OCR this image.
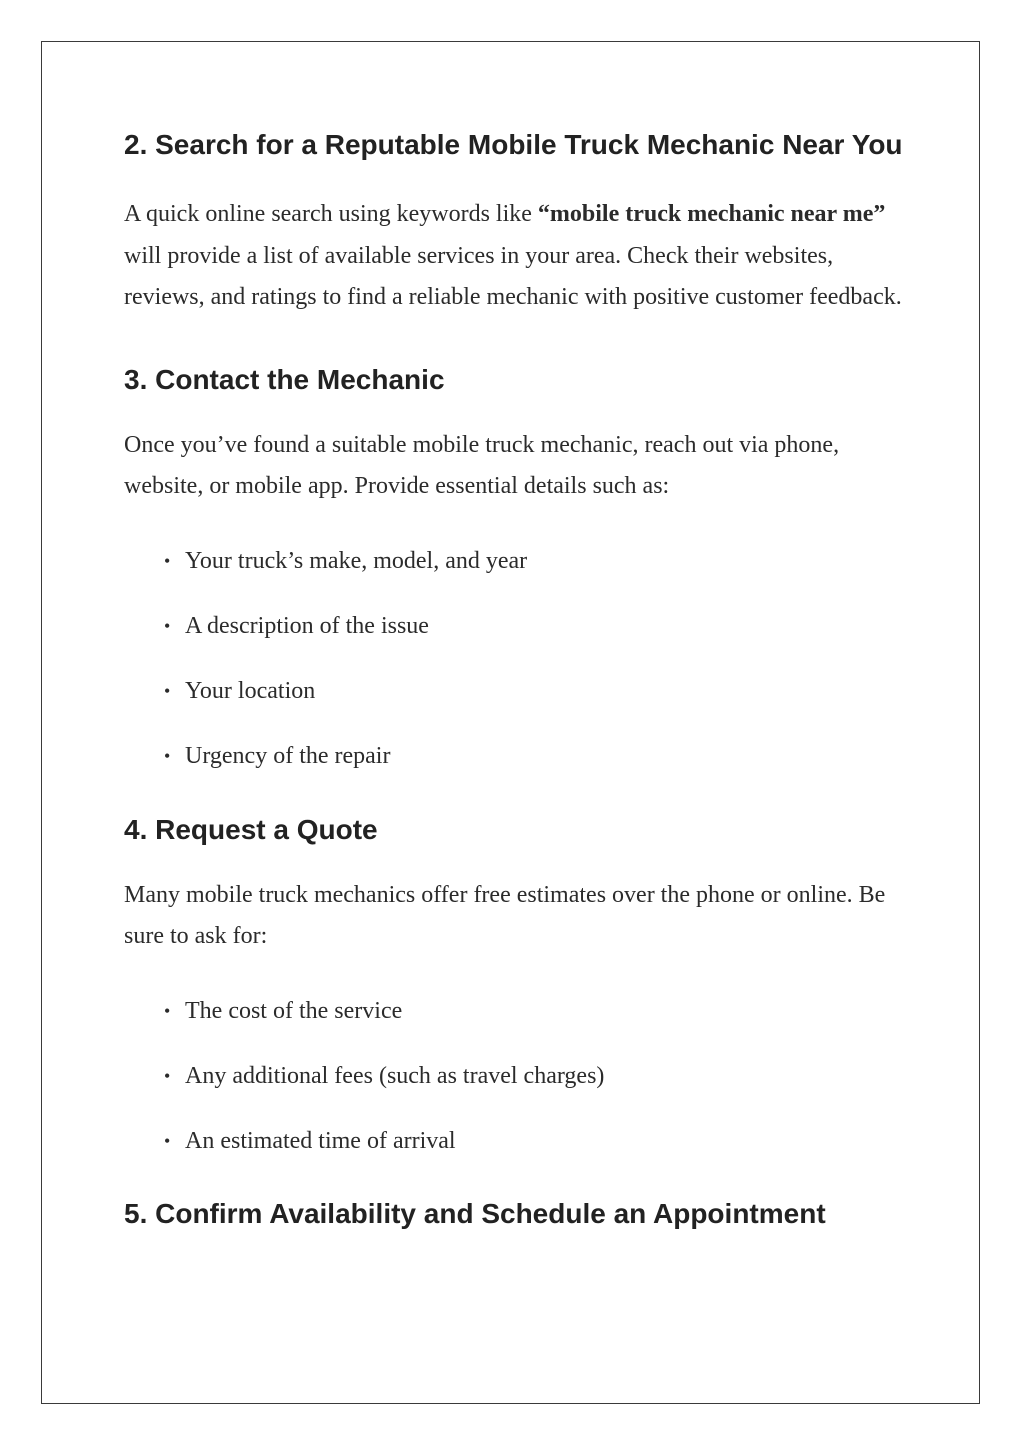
2. Search for a Reputable Mobile Truck Mechanic Near You

A quick online search using keywords like “mobile truck mechanic near me” will provide a list of available services in your area. Check their websites, reviews, and ratings to find a reliable mechanic with positive customer feedback.

3. Contact the Mechanic

Once you’ve found a suitable mobile truck mechanic, reach out via phone, website, or mobile app. Provide essential details such as:

• Your truck’s make, model, and year
• A description of the issue
• Your location
• Urgency of the repair
4. Request a Quote

Many mobile truck mechanics offer free estimates over the phone or online. Be sure to ask for:

• The cost of the service
• Any additional fees (such as travel charges)
• An estimated time of arrival
5. Confirm Availability and Schedule an Appointment
